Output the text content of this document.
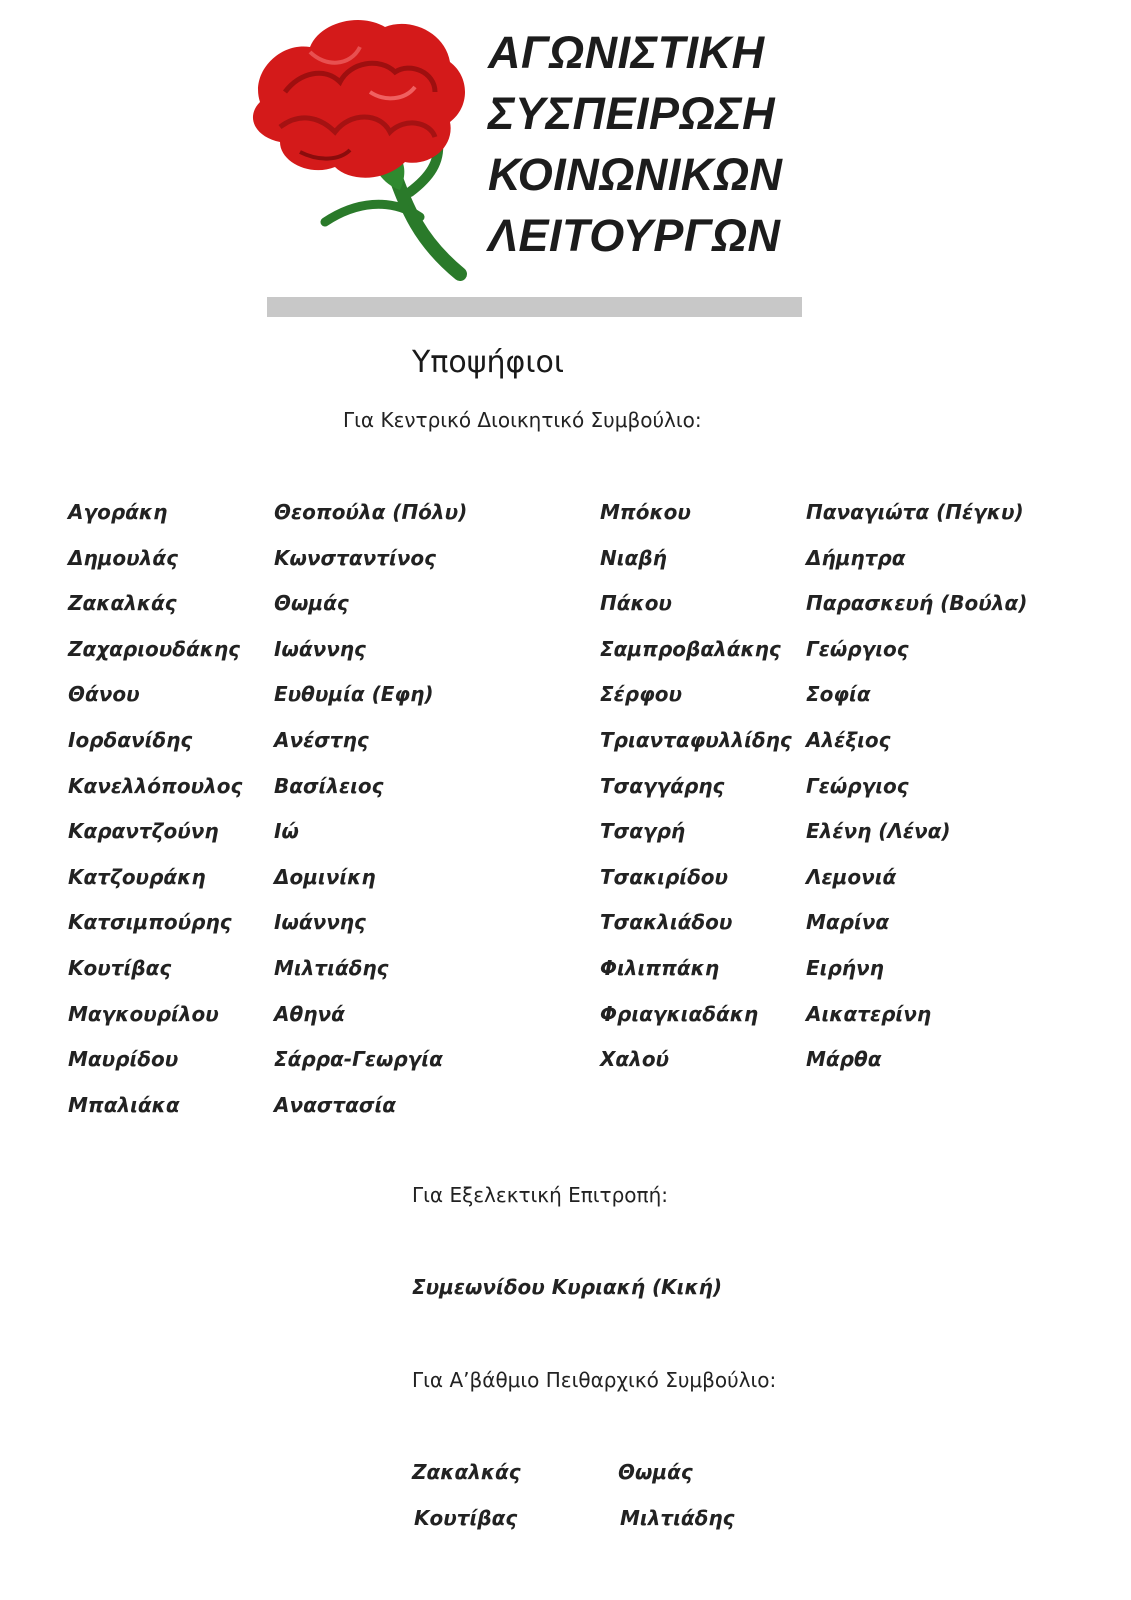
ΑΓΩΝΙΣΤΙΚΗ
ΣΥΣΠΕΙΡΩΣΗ
ΚΟΙΝΩΝΙΚΩΝ
ΛΕΙΤΟΥΡΓΩΝ
Υποψήφιοι
Για Κεντρικό Διοικητικό Συμβούλιο:
Αγοράκη	Θεοπούλα (Πόλυ)
Δημουλάς	Κωνσταντίνος
Ζακαλκάς	Θωμάς
Ζαχαριουδάκης Ιωάννης
Θάνου	Ευθυμία (Εφη)
Ιορδανίδης	Ανέστης
Κανελλόπουλος Βασίλειος
Καραντζούνη	Ιώ
Κατζουράκη	Δομινίκη
Κατσιμπούρης Ιωάννης
Κουτίβας	Μιλτιάδης
Μαγκουρίλου	Αθηνά
Μαυρίδου	Σάρρα-Γεωργία
Μπαλιάκα	Αναστασία
Μπόκου	Παναγιώτα (Πέγκυ)
Νιαβή	Δήμητρα
Πάκου	Παρασκευή (Βούλα)
Σαμπροβαλάκης Γεώργιος
Σέρφου	Σοφία
Τριανταφυλλίδης Αλέξιος
Τσαγγάρης	Γεώργιος
Τσαγρή	Ελένη (Λένα)
Τσακιρίδου	Λεμονιά
Τσακλιάδου	Μαρίνα
Φιλιππάκη	Ειρήνη
Φριαγκιαδάκη Αικατερίνη
Χαλού	Μάρθα
Για Εξελεκτική Επιτροπή:
Συμεωνίδου Κυριακή (Κική)
Για Α’βάθμιο Πειθαρχικό Συμβούλιο:
Ζακαλκάς	Θωμάς
Κουτίβας	Μιλτιάδης
